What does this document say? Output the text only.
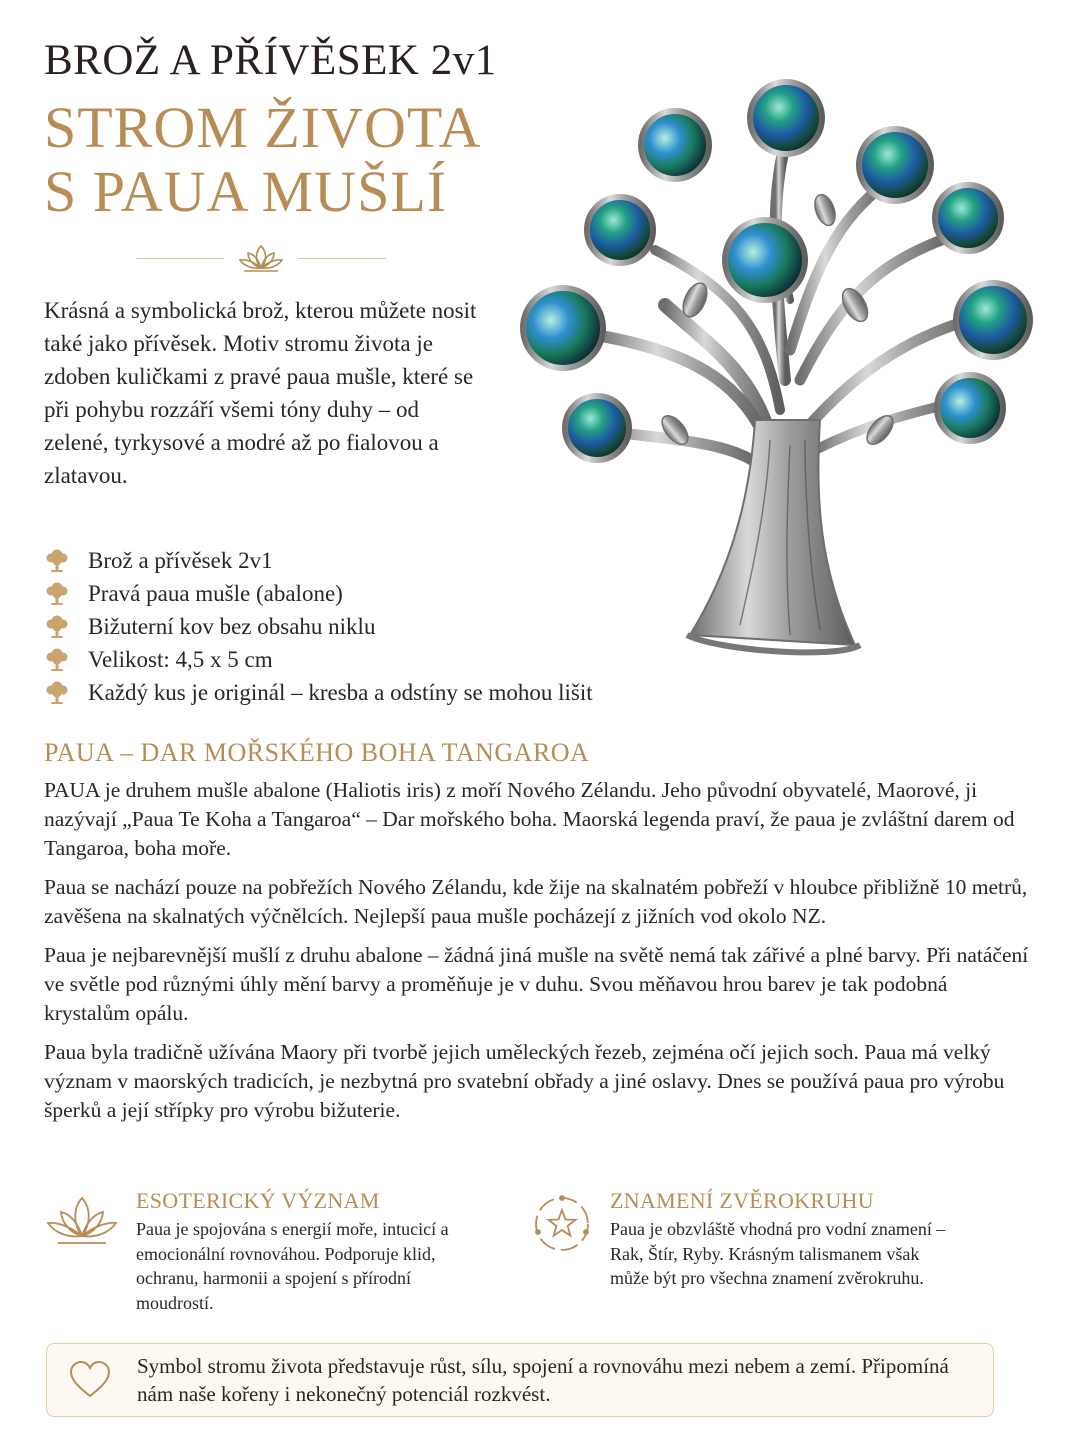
BROŽ A PŘÍVĚSEK 2v1
STROM ŽIVOTA
S PAUA MUŠLÍ

Krásná a symbolická brož, kterou můžete nosit také jako přívěsek. Motiv stromu života je zdoben kuličkami z pravé paua mušle, které se při pohybu rozzáří všemi tóny duhy – od zelené, tyrkysové a modré až po fialovou a zlatavou.

Brož a přívěsek 2v1
Pravá paua mušle (abalone)
Bižuterní kov bez obsahu niklu
Velikost: 4,5 x 5 cm
Každý kus je originál – kresba a odstíny se mohou lišit
PAUA – DAR MOŘSKÉHO BOHA TANGAROA

PAUA je druhem mušle abalone (Haliotis iris) z moří Nového Zélandu. Jeho původní obyvatelé, Maorové, ji nazývají „Paua Te Koha a Tangaroa“ – Dar mořského boha. Maorská legenda praví, že paua je zvláštní darem od Tangaroa, boha moře.

Paua se nachází pouze na pobřežích Nového Zélandu, kde žije na skalnatém pobřeží v hloubce přibližně 10 metrů, zavěšena na skalnatých výčnělcích. Nejlepší paua mušle pocházejí z jižních vod okolo NZ.

Paua je nejbarevnější mušlí z druhu abalone – žádná jiná mušle na světě nemá tak zářivé a plné barvy. Při natáčení ve světle pod různými úhly mění barvy a proměňuje je v duhu. Svou měňavou hrou barev je tak podobná krystalům opálu.

Paua byla tradičně užívána Maory při tvorbě jejich uměleckých řezeb, zejména očí jejich soch. Paua má velký význam v maorských tradicích, je nezbytná pro svatební obřady a jiné oslavy. Dnes se používá paua pro výrobu šperků a její střípky pro výrobu bižuterie.

ESOTERICKÝ VÝZNAM

Paua je spojována s energií moře, intucicí a emocionální rovnováhou. Podporuje klid, ochranu, harmonii a spojení s přírodní moudrostí.

ZNAMENÍ ZVĚROKRUHU

Paua je obzvláště vhodná pro vodní znamení – Rak, Štír, Ryby. Krásným talismanem však může být pro všechna znamení zvěrokruhu.

Symbol stromu života představuje růst, sílu, spojení a rovnováhu mezi nebem a zemí. Připomíná nám naše kořeny i nekonečný potenciál rozkvést.
